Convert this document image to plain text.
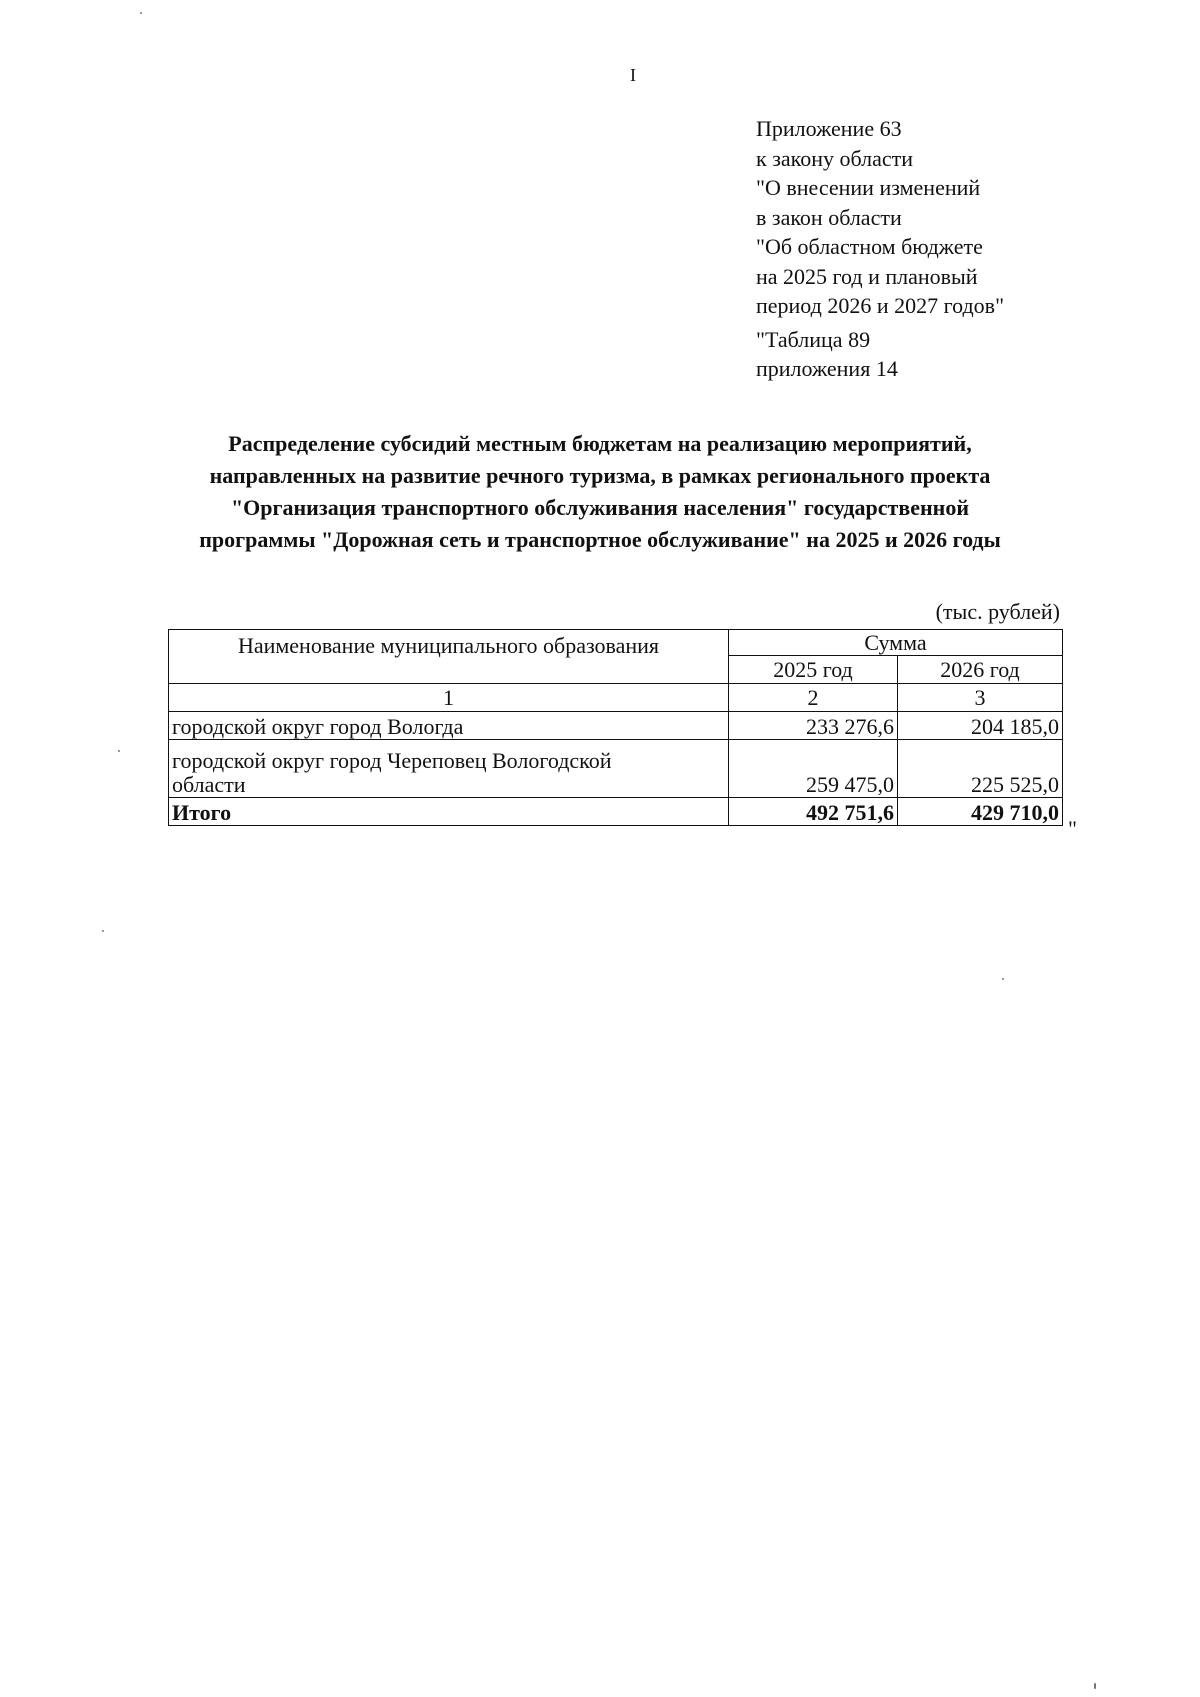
I
Приложение 63
к закону области
"О внесении изменений
в закон области
"Об областном бюджете
на 2025 год и плановый
период 2026 и 2027 годов"
"Таблица 89
приложения 14
Распределение субсидий местным бюджетам на реализацию мероприятий,
направленных на развитие речного туризма, в рамках регионального проекта
"Организация транспортного обслуживания населения" государственной
программы "Дорожная сеть и транспортное обслуживание" на 2025 и 2026 годы
(тыс. рублей)
Наименование муниципального образования	Сумма	
	2025 год	2026 год
1	2	3

городской округ город Вологда	233 276,6	204 185,0

городской округ город Череповец Вологодской
области	259 475,0	225 525,0
Итого	492 751,6	429 710,0
"
